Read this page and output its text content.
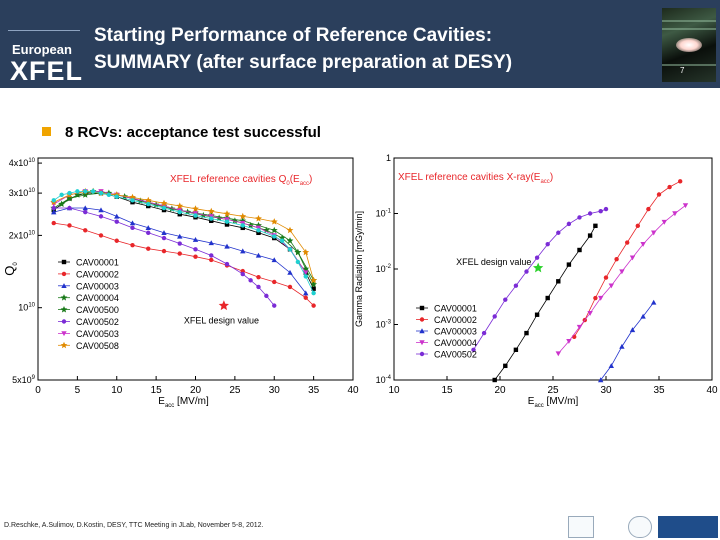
European
XFEL
Starting Performance of Reference Cavities:
SUMMARY (after surface preparation at DESY)	7
8 RCVs: acceptance test successful
0	5	10	15	20	25	30	35	40
$4x10^{10}$
$3x10^{10}$
$2x10^{10}$
$10^{10}$
$5x10^9$
$E_{acc}$ [MV/m]
$Q_0$
XFEL reference cavities $Q_0(E_{acc})$
XFEL design value
CAV00001
CAV00002
CAV00003
CAV00004
CAV00500
CAV00502
CAV00503
CAV00508
10	15	20	25	30	35	40
1
$10^{-1}$
$10^{-2}$
$10^{-3}$
$10^{-4}$
$E_{acc}$ [MV/m]
Gamma Radiation [mGy/min]
XFEL reference cavities $X-ray(E_{acc})$
XFEL design value
CAV00001
CAV00002
CAV00003
CAV00004
CAV00502
D.Reschke, A.Sulimov, D.Kostin, DESY, TTC Meeting in JLab, November 5-8, 2012.
